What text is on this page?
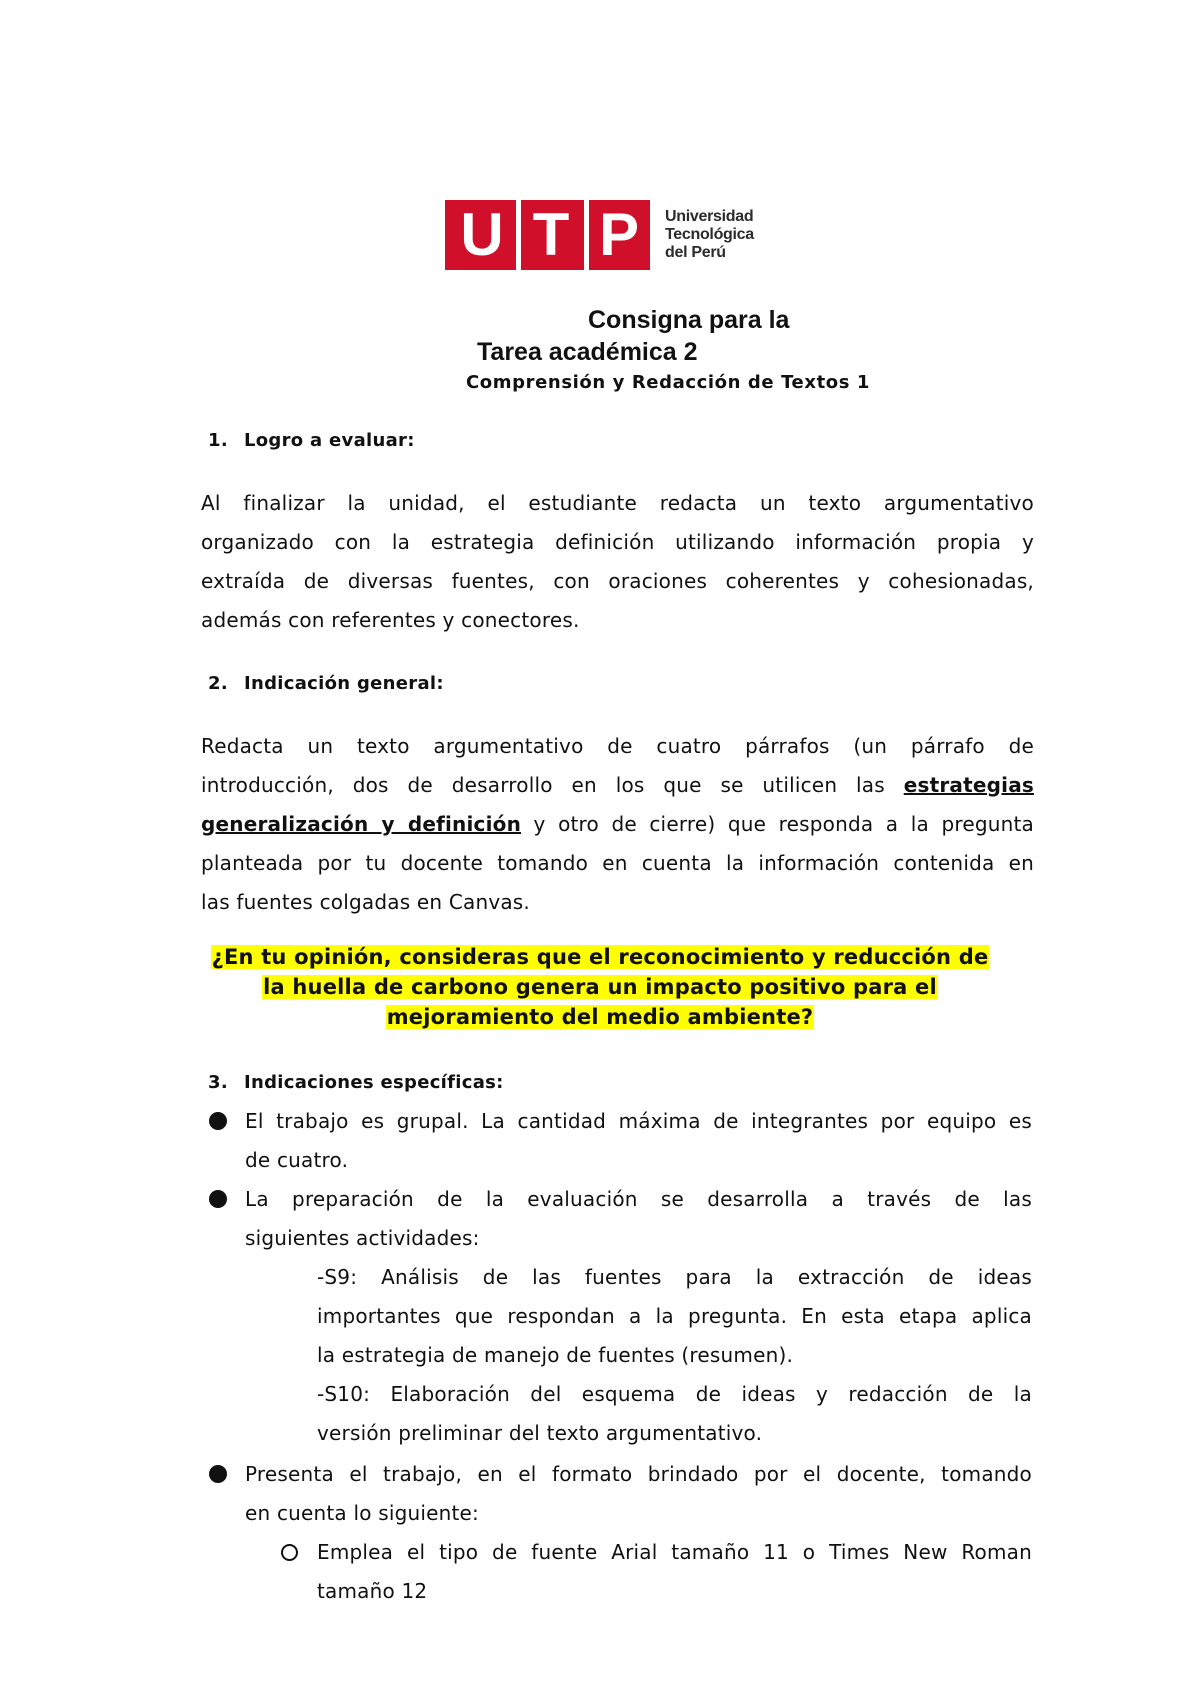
U T P	Universidad
Tecnológica
del Perú
Consigna para la
Tarea académica 2
Comprensión y Redacción de Textos 1
1. Logro a evaluar:
Al finalizar la unidad, el estudiante redacta un texto argumentativo
organizado con la estrategia definición utilizando información propia y
extraída de diversas fuentes, con oraciones coherentes y cohesionadas,
además con referentes y conectores.
2. Indicación general:
Redacta un texto argumentativo de cuatro párrafos (un párrafo de
introducción, dos de desarrollo en los que se utilicen las estrategias
generalización y definición y otro de cierre) que responda a la pregunta
planteada por tu docente tomando en cuenta la información contenida en
las fuentes colgadas en Canvas.
¿En tu opinión, consideras que el reconocimiento y reducción de
la huella de carbono genera un impacto positivo para el
mejoramiento del medio ambiente?
3. Indicaciones específicas:
El trabajo es grupal. La cantidad máxima de integrantes por equipo es
de cuatro.
La preparación de la evaluación se desarrolla a través de las
siguientes actividades:
-S9: Análisis de las fuentes para la extracción de ideas
importantes que respondan a la pregunta. En esta etapa aplica
la estrategia de manejo de fuentes (resumen).
-S10: Elaboración del esquema de ideas y redacción de la
versión preliminar del texto argumentativo.
Presenta el trabajo, en el formato brindado por el docente, tomando
en cuenta lo siguiente:
Emplea el tipo de fuente Arial tamaño 11 o Times New Roman
tamaño 12
